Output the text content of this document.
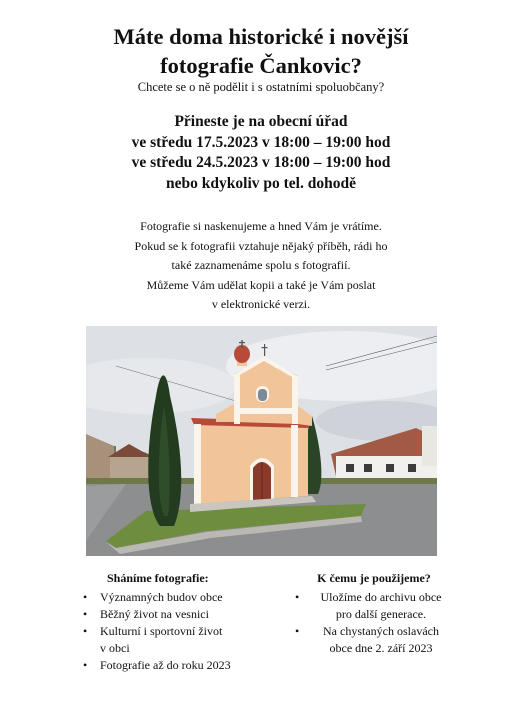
Máte doma historické i novější
fotografie Čankovic?
Chcete se o ně podělit i s ostatními spoluobčany?
Přineste je na obecní úřad
ve středu 17.5.2023 v 18:00 – 19:00 hod
ve středu 24.5.2023 v 18:00 – 19:00 hod
nebo kdykoliv po tel. dohodě
Fotografie si naskenujeme a hned Vám je vrátíme.
Pokud se k fotografii vztahuje nějaký příběh, rádi ho
také zaznamenáme spolu s fotografií.
Můžeme Vám udělat kopii a také je Vám poslat
v elektronické verzi.
Sháníme fotografie:
• Významných budov obce
• Běžný život na vesnici
• Kulturní i sportovní život
v obci
• Fotografie až do roku 2023
K čemu je použijeme?
• Uložíme do archivu obce
pro další generace.
• Na chystaných oslavách
obce dne 2. září 2023
